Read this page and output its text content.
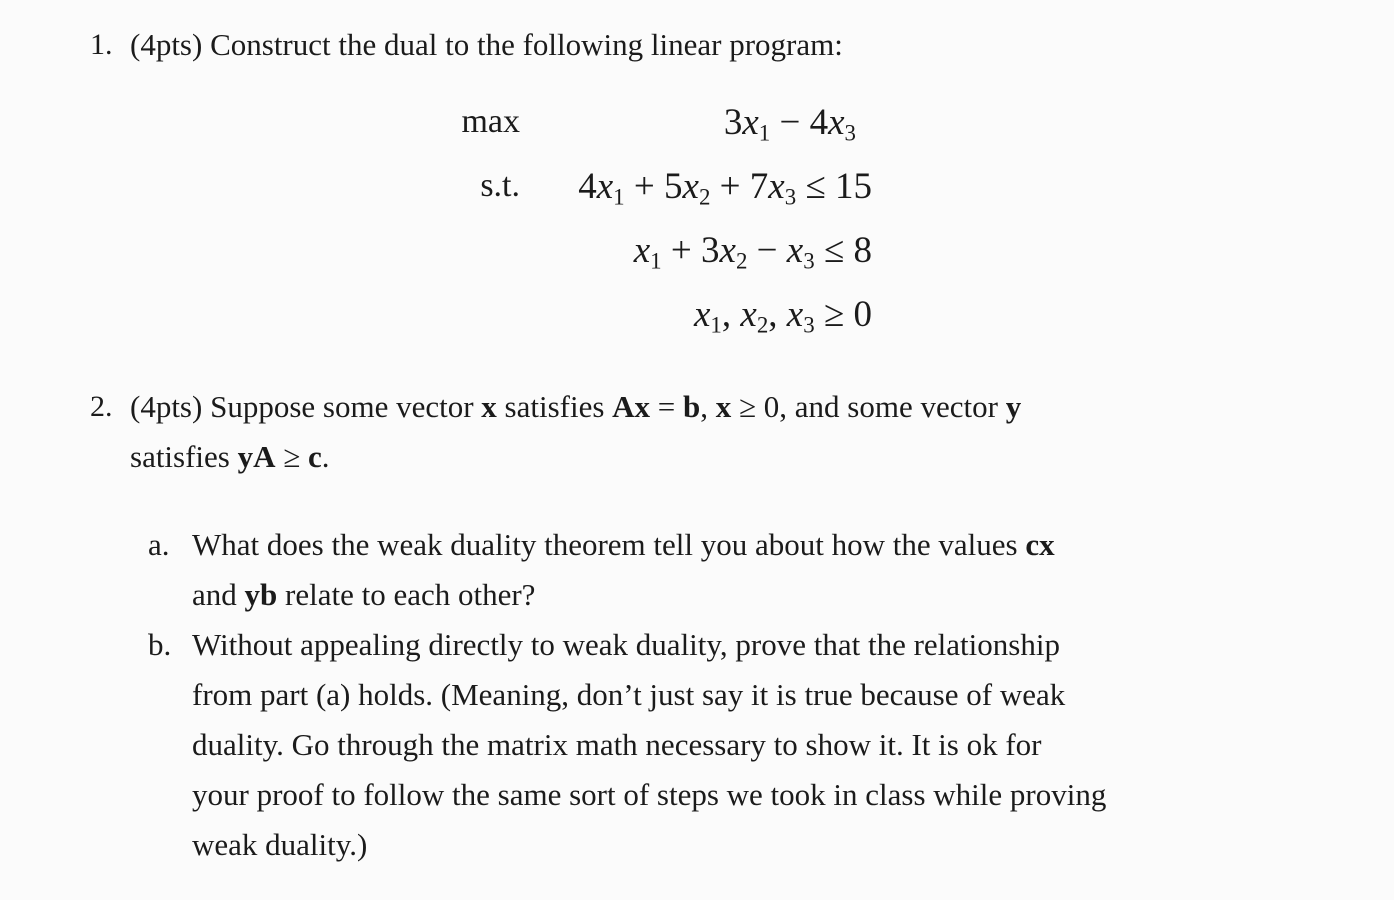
1. (4pts) Construct the dual to the following linear program:
max	$3x_1 - 4x_3$
s.t.	$4x_1 + 5x_2 + 7x_3 \le 15$
$x_1 + 3x_2 - x_3 \le 8$
$x_1$, $x_2$, $x_3 \ge 0$
2. (4pts) Suppose some vector x satisfies Ax = b, x ≥ 0, and some vector y
satisfies yA ≥ c.
a. What does the weak duality theorem tell you about how the values cx
and yb relate to each other?
b. Without appealing directly to weak duality, prove that the relationship
from part (a) holds. (Meaning, don’t just say it is true because of weak
duality. Go through the matrix math necessary to show it. It is ok for
your proof to follow the same sort of steps we took in class while proving
weak duality.)
